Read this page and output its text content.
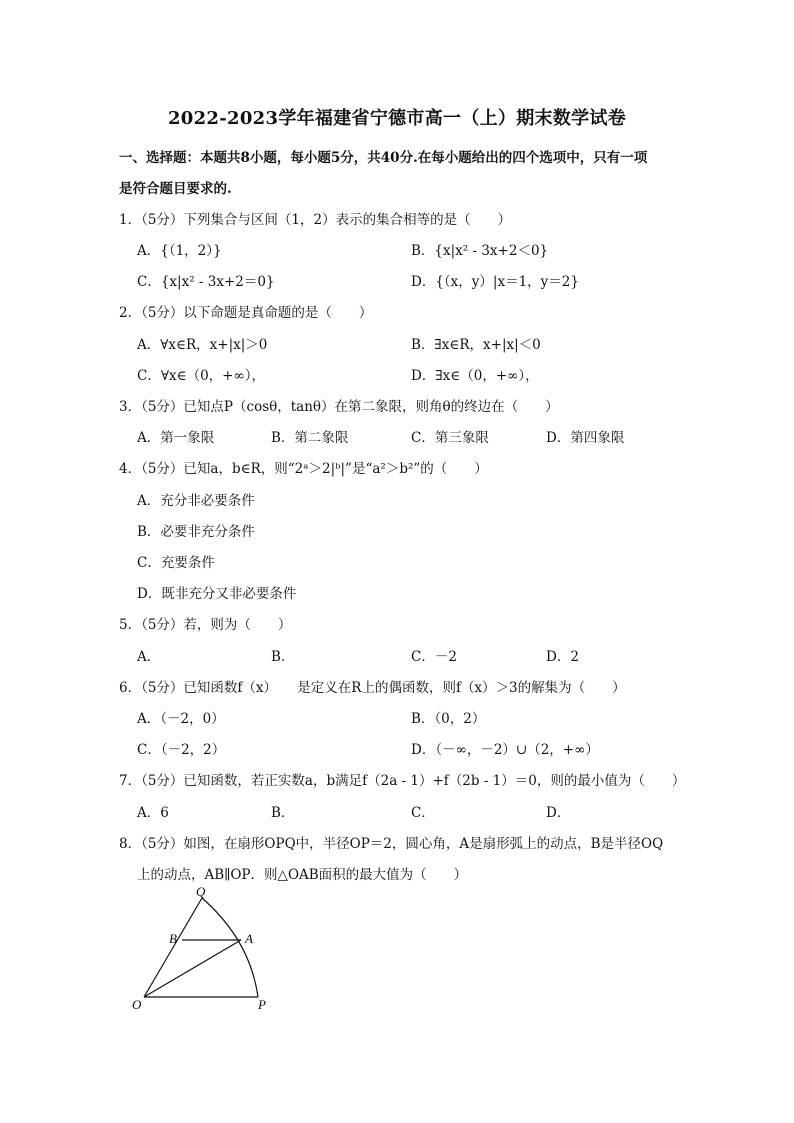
2022-2023学年福建省宁德市高一（上）期末数学试卷
一、选择题：本题共8小题，每小题5分，共40分.在每小题给出的四个选项中，只有一项
是符合题目要求的.
1．（5分）下列集合与区间（1，2）表示的集合相等的是（　　）
A．{（1，2）}	B．{x|x² - 3x+2＜0}
C．{x|x² - 3x+2＝0}	D．{（x，y）|x＝1，y＝2}
2．（5分）以下命题是真命题的是（　　）
A．∀x∈R，x+|x|＞0	B．∃x∈R，x+|x|＜0
C．∀x∈（0，+∞），	D．∃x∈（0，+∞），
3．（5分）已知点P（cosθ，tanθ）在第二象限，则角θ的终边在（　　）
A．第一象限	B．第二象限	C．第三象限	D．第四象限
4．（5分）已知a，b∈R，则“2ᵃ＞2|ᵇ|”是“a²＞b²”的（　　）
A．充分非必要条件
B．必要非充分条件
C．充要条件
D．既非充分又非必要条件
5．（5分）若，则为（　　）
A．	B．	C．－2	D．2
6．（5分）已知函数f（x）　　是定义在R上的偶函数，则f（x）＞3的解集为（　　）
A．（－2，0）	B．（0，2）
C．（－2，2）	D．（－∞，－2）∪（2，+∞）
7．（5分）已知函数，若正实数a，b满足f（2a - 1）+f（2b - 1）＝0，则的最小值为（　　）
A．6	B．	C．	D．
8．（5分）如图，在扇形OPQ中，半径OP＝2，圆心角，A是扇形弧上的动点，B是半径OQ
上的动点，AB∥OP．则△OAB面积的最大值为（　　）
Q
B	A
O	P
